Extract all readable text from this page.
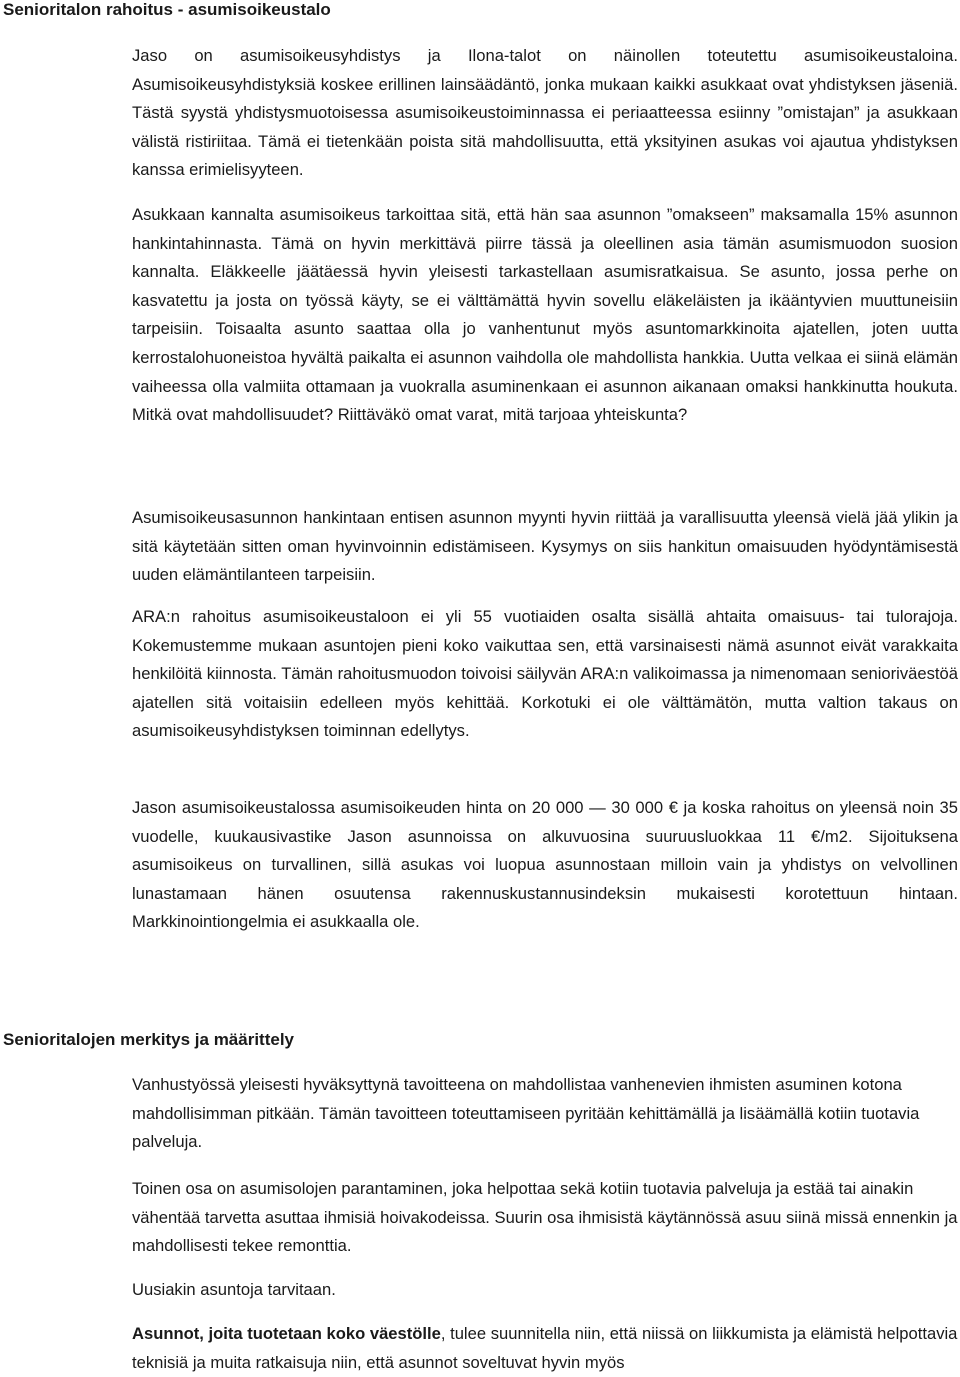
Senioritalon rahoitus - asumisoikeustalo

Jaso on asumisoikeusyhdistys ja Ilona-talot on näinollen toteutettu asumisoikeustaloina. Asumisoikeusyhdistyksiä koskee erillinen lainsäädäntö, jonka mukaan kaikki asukkaat ovat yhdistyksen jäseniä. Tästä syystä yhdistysmuotoisessa asumisoikeustoiminnassa ei periaatteessa esiinny ”omistajan” ja asukkaan välistä ristiriitaa. Tämä ei tietenkään poista sitä mahdollisuutta, että yksityinen asukas voi ajautua yhdistyksen kanssa erimielisyyteen.

Asukkaan kannalta asumisoikeus tarkoittaa sitä, että hän saa asunnon ”omakseen” maksamalla 15% asunnon hankintahinnasta. Tämä on hyvin merkittävä piirre tässä ja oleellinen asia tämän asumismuodon suosion kannalta. Eläkkeelle jäätäessä hyvin yleisesti tarkastellaan asumisratkaisua. Se asunto, jossa perhe on kasvatettu ja josta on työssä käyty, se ei välttämättä hyvin sovellu eläkeläisten ja ikääntyvien muuttuneisiin tarpeisiin. Toisaalta asunto saattaa olla jo vanhentunut myös asuntomarkkinoita ajatellen, joten uutta kerrostalohuoneistoa hyvältä paikalta ei asunnon vaihdolla ole mahdollista hankkia. Uutta velkaa ei siinä elämän vaiheessa olla valmiita ottamaan ja vuokralla asuminenkaan ei asunnon aikanaan omaksi hankkinutta houkuta. Mitkä ovat mahdollisuudet? Riittäväkö omat varat, mitä tarjoaa yhteiskunta?

Asumisoikeusasunnon hankintaan entisen asunnon myynti hyvin riittää ja varallisuutta yleensä vielä jää ylikin ja sitä käytetään sitten oman hyvinvoinnin edistämiseen. Kysymys on siis hankitun omaisuuden hyödyntämisestä uuden elämäntilanteen tarpeisiin.

ARA:n rahoitus asumisoikeustaloon ei yli 55 vuotiaiden osalta sisällä ahtaita omaisuus- tai tulorajoja. Kokemustemme mukaan asuntojen pieni koko vaikuttaa sen, että varsinaisesti nämä asunnot eivät varakkaita henkilöitä kiinnosta. Tämän rahoitusmuodon toivoisi säilyvän ARA:n valikoimassa ja nimenomaan senioriväestöä ajatellen sitä voitaisiin edelleen myös kehittää. Korkotuki ei ole välttämätön, mutta valtion takaus on asumisoikeusyhdistyksen toiminnan edellytys.

Jason asumisoikeustalossa asumisoikeuden hinta on 20 000 — 30 000 € ja koska rahoitus on yleensä noin 35 vuodelle, kuukausivastike Jason asunnoissa on alkuvuosina suuruusluokkaa 11 €/m2. Sijoituksena asumisoikeus on turvallinen, sillä asukas voi luopua asunnostaan milloin vain ja yhdistys on velvollinen lunastamaan hänen osuutensa rakennuskustannusindeksin mukaisesti korotettuun hintaan. Markkinointiongelmia ei asukkaalla ole.

Senioritalojen merkitys ja määrittely

Vanhustyössä yleisesti hyväksyttynä tavoitteena on mahdollistaa vanhenevien ihmisten asuminen kotona mahdollisimman pitkään. Tämän tavoitteen toteuttamiseen pyritään kehittämällä ja lisäämällä kotiin tuotavia palveluja.

Toinen osa on asumisolojen parantaminen, joka helpottaa sekä kotiin tuotavia palveluja ja estää tai ainakin vähentää tarvetta asuttaa ihmisiä hoivakodeissa. Suurin osa ihmisistä käytännössä asuu siinä missä ennenkin ja mahdollisesti tekee remonttia.

Uusiakin asuntoja tarvitaan.

Asunnot, joita tuotetaan koko väestölle, tulee suunnitella niin, että niissä on liikkumista ja elämistä helpottavia teknisiä ja muita ratkaisuja niin, että asunnot soveltuvat hyvin myös
